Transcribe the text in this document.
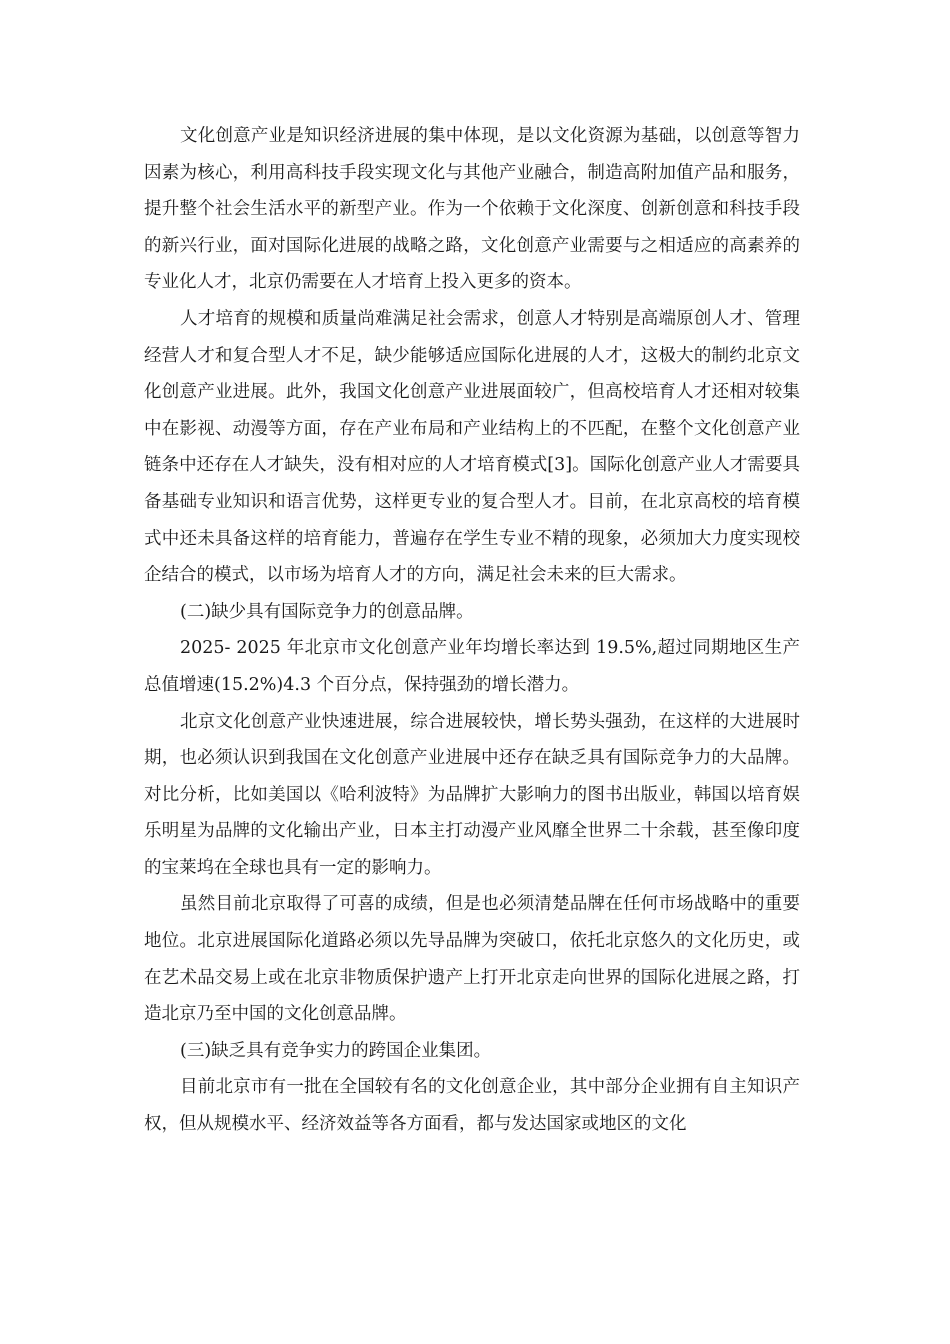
文化创意产业是知识经济进展的集中体现，是以文化资源为基础，以创意等智力因素为核心，利用高科技手段实现文化与其他产业融合，制造高附加值产品和服务，提升整个社会生活水平的新型产业。作为一个依赖于文化深度、创新创意和科技手段的新兴行业，面对国际化进展的战略之路，文化创意产业需要与之相适应的高素养的专业化人才，北京仍需要在人才培育上投入更多的资本。

人才培育的规模和质量尚难满足社会需求，创意人才特别是高端原创人才、管理经营人才和复合型人才不足，缺少能够适应国际化进展的人才，这极大的制约北京文化创意产业进展。此外，我国文化创意产业进展面较广，但高校培育人才还相对较集中在影视、动漫等方面，存在产业布局和产业结构上的不匹配，在整个文化创意产业链条中还存在人才缺失，没有相对应的人才培育模式[3]。国际化创意产业人才需要具备基础专业知识和语言优势，这样更专业的复合型人才。目前，在北京高校的培育模式中还未具备这样的培育能力，普遍存在学生专业不精的现象，必须加大力度实现校企结合的模式，以市场为培育人才的方向，满足社会未来的巨大需求。

(二)缺少具有国际竞争力的创意品牌。

2025- 2025 年北京市文化创意产业年均增长率达到 19.5%,超过同期地区生产总值增速(15.2%)4.3 个百分点，保持强劲的增长潜力。

北京文化创意产业快速进展，综合进展较快，增长势头强劲，在这样的大进展时期，也必须认识到我国在文化创意产业进展中还存在缺乏具有国际竞争力的大品牌。对比分析，比如美国以《哈利波特》为品牌扩大影响力的图书出版业，韩国以培育娱乐明星为品牌的文化输出产业，日本主打动漫产业风靡全世界二十余载，甚至像印度的宝莱坞在全球也具有一定的影响力。

虽然目前北京取得了可喜的成绩，但是也必须清楚品牌在任何市场战略中的重要地位。北京进展国际化道路必须以先导品牌为突破口，依托北京悠久的文化历史，或在艺术品交易上或在北京非物质保护遗产上打开北京走向世界的国际化进展之路，打造北京乃至中国的文化创意品牌。

(三)缺乏具有竞争实力的跨国企业集团。

目前北京市有一批在全国较有名的文化创意企业，其中部分企业拥有自主知识产权，但从规模水平、经济效益等各方面看，都与发达国家或地区的文化
